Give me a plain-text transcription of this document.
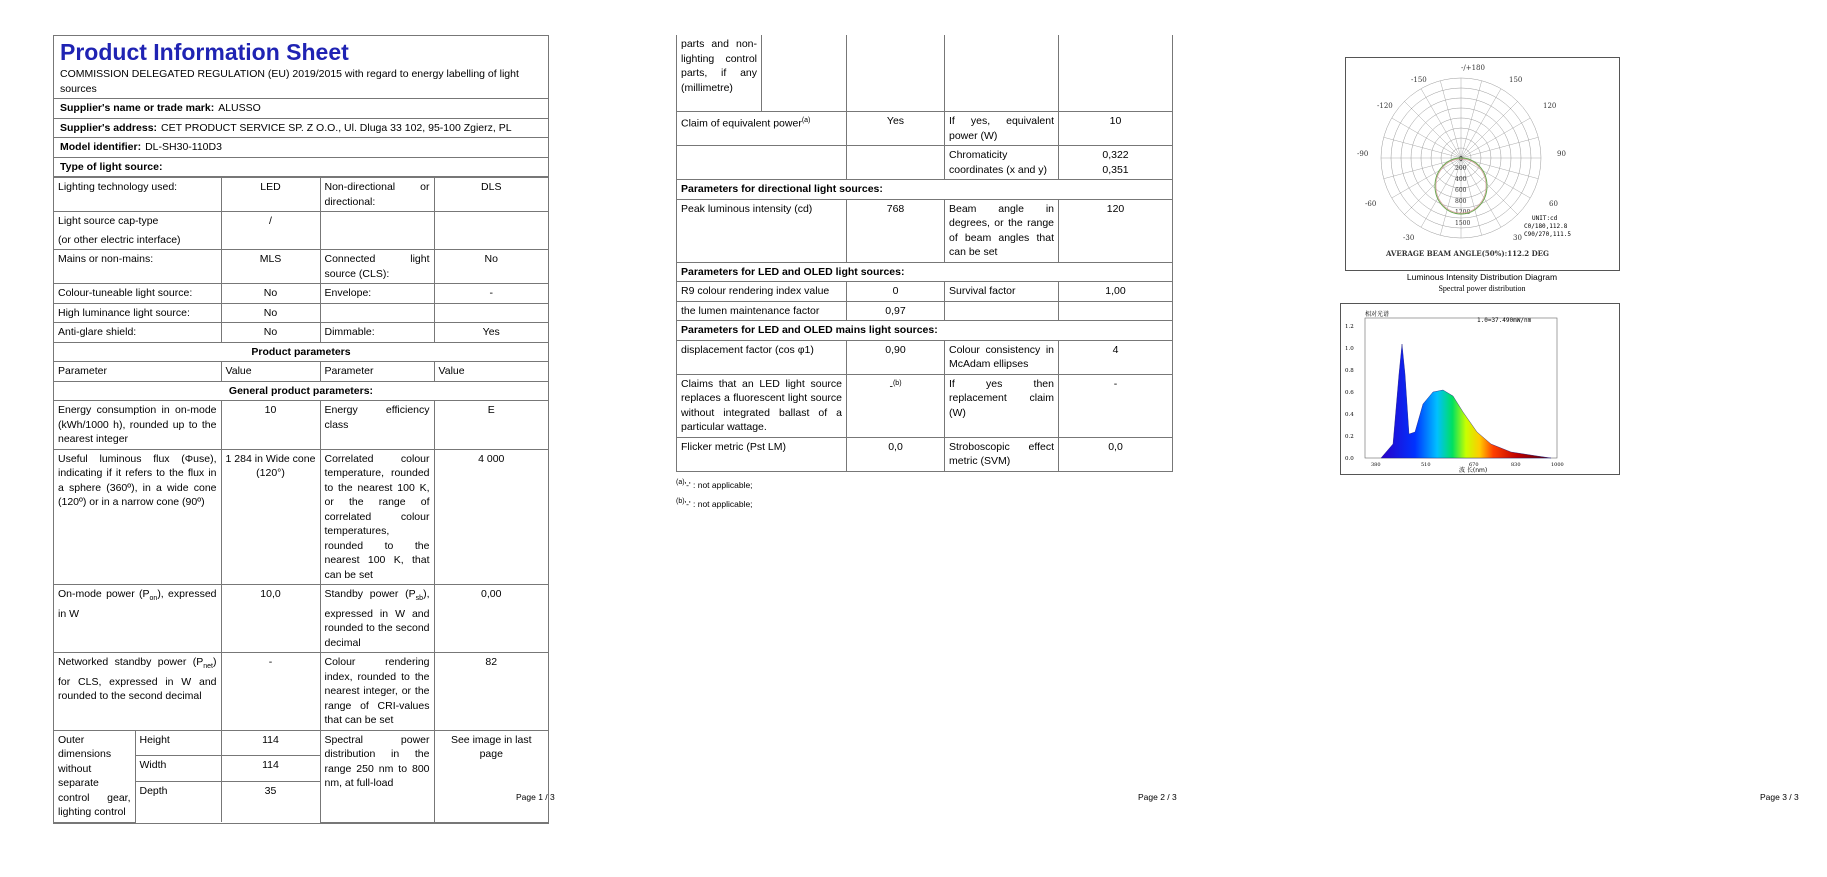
Product Information Sheet
COMMISSION DELEGATED REGULATION (EU) 2019/2015 with regard to energy labelling of light sources
Supplier's name or trade mark: ALUSSO
Supplier's address: CET PRODUCT SERVICE SP. Z O.O., Ul. Dluga 33 102, 95-100 Zgierz, PL
Model identifier: DL-SH30-110D3
Type of light source:
Lighting technology used:		LED	Non-directional or directional:	DLS
Light source cap-type
(or other electric interface)		/		
Mains or non-mains:		MLS	Connected light source (CLS):	No
Colour-tuneable light source:		No	Envelope:	-
High luminance light source:		No		
Anti-glare shield:		No	Dimmable:	Yes
Product parameters				
Parameter		Value	Parameter	Value
General product parameters:				
Energy consumption in on-mode (kWh/1000 h), rounded up to the nearest integer		10	Energy efficiency class	E
Useful luminous flux (Φuse), indicating if it refers to the flux in a sphere (360º), in a wide cone (120º) or in a narrow cone (90º)		1 284 in Wide cone (120°)	Correlated colour temperature, rounded to the nearest 100 K, or the range of correlated colour temperatures, rounded to the nearest 100 K, that can be set	4 000
On-mode power $(P_{on})$, expressed in W		10,0	Standby power $(P_{sb})$, expressed in W and rounded to the second decimal	0,00
Networked standby power $(P_{net})$ for CLS, expressed in W and rounded to the second decimal		-	Colour rendering index, rounded to the nearest integer, or the range of CRI-values that can be set	82
Outer dimensions without separate control gear, lighting control	Height	114	Spectral power distribution in the range 250 nm to 800 nm, at full-load	See image in last page
	Width	114		
	Depth	35			Page 1 / 3
parts and non-lighting control parts, if any (millimetre)				
Claim of equivalent power$^{(a)}$		Yes	If yes, equivalent power (W)	10
			Chromaticity coordinates (x and y)	0,322
0,351
Parameters for directional light sources:				
Peak luminous intensity (cd)		768	Beam angle in degrees, or the range of beam angles that can be set	120
Parameters for LED and OLED light sources:				
R9 colour rendering index value		0	Survival factor	1,00
the lumen maintenance factor		0,97		
Parameters for LED and OLED mains light sources:				
displacement factor (cos φ1)		0,90	Colour consistency in McAdam ellipses	4
Claims that an LED light source replaces a fluorescent light source without integrated ballast of a particular wattage.		-$^{(b)}$	If yes then replacement claim (W)	-
Flicker metric (Pst LM)		0,0	Stroboscopic effect metric (SVM)	0,0
$^{(a)}$'-' : not applicable;
$^{(b)}$'-' : not applicable;
Page 2 / 3
-/+180
-150	150
-120	120
-90	90
-60	60
-30	30
0
200
400
600
800
1200
1500
UNIT:cd
C0/180,112.8
C90/270,111.5
AVERAGE BEAM ANGLE(50%):112.2 DEG
Luminous Intensity Distribution Diagram
Spectral power distribution
1.2
1.0
0.8
0.6
0.4
0.2
0.0
相对光谱
1.0=37.490mW/nm
380	510	670	830	1000
波 长(nm)
Page 3 / 3
